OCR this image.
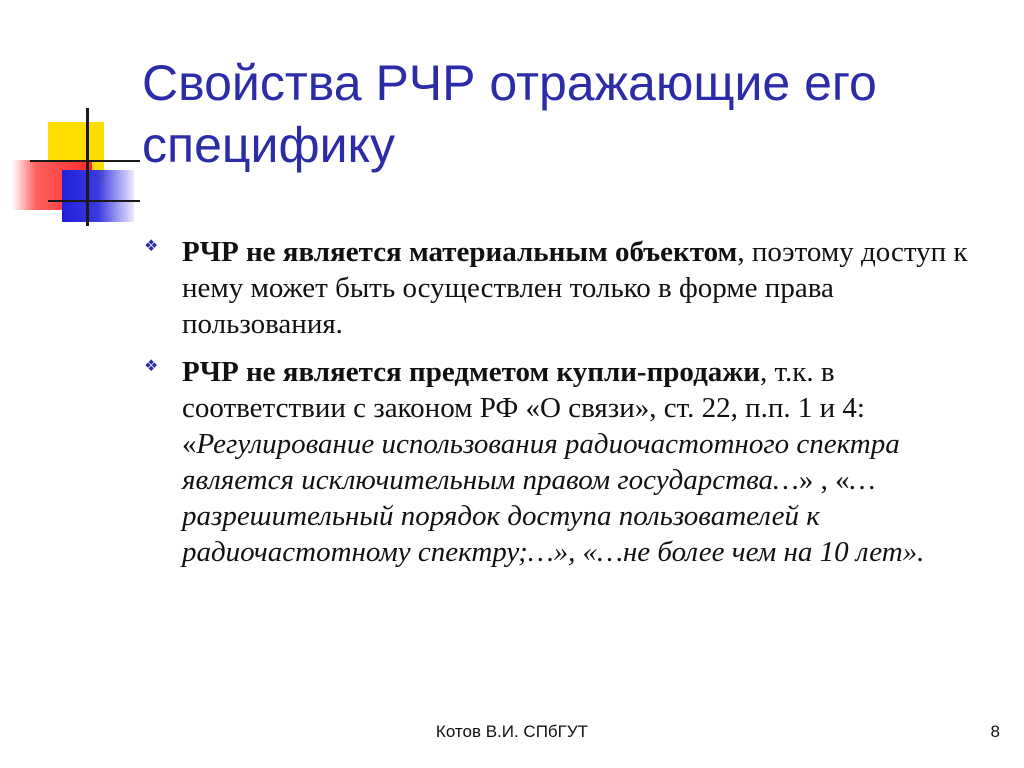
Свойства РЧР отражающие его специфику
❖ РЧР не является материальным объектом, поэтому доступ к нему может быть осуществлен только в форме права пользования.
❖ РЧР не является предметом купли-продажи, т.к. в соответствии с законом РФ «О связи», ст. 22, п.п. 1 и 4: «Регулирование использования радиочастотного спектра является исключительным правом государства…» , «…разрешительный порядок доступа пользователей к радиочастотному спектру;…», «…не более чем на 10 лет».
Котов В.И. СПбГУТ	8
